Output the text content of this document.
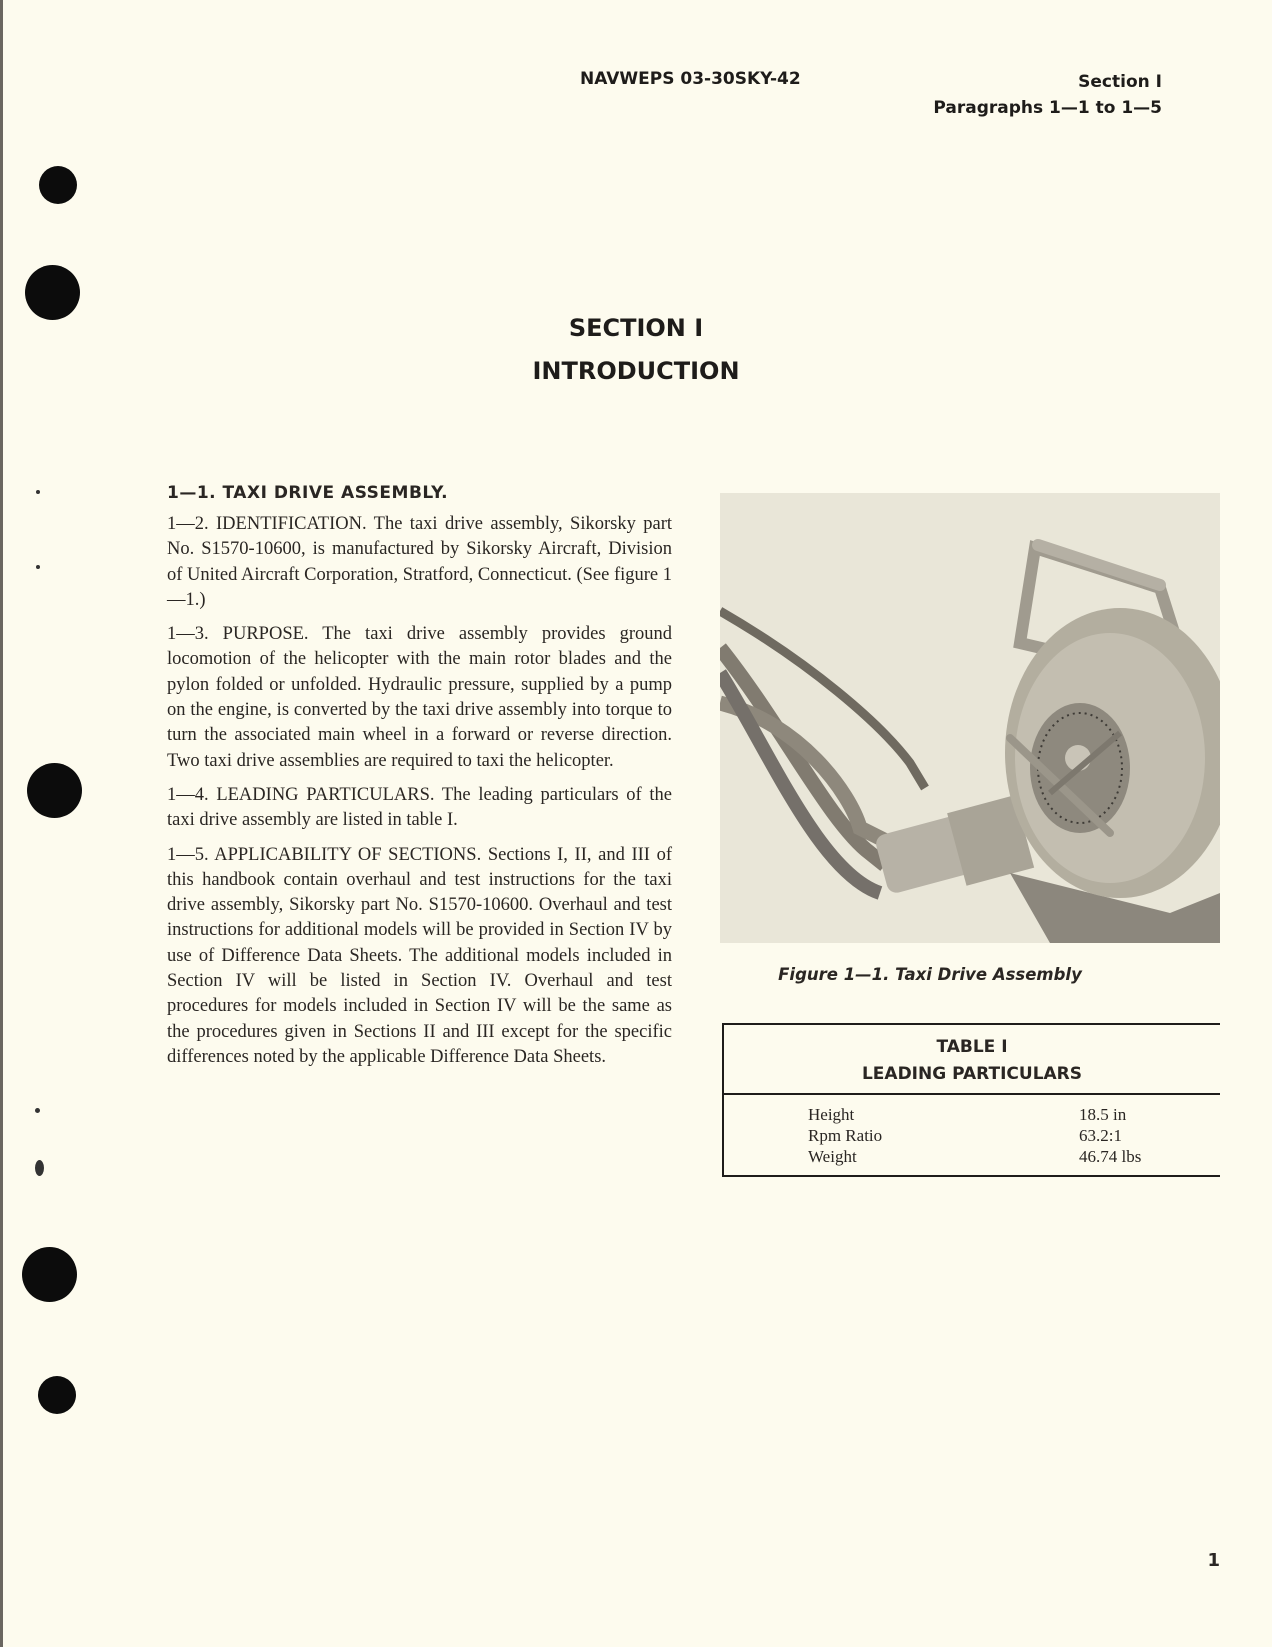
NAVWEPS 03-30SKY-42	Section I
Paragraphs 1—1 to 1—5
SECTION I
INTRODUCTION
1—1. TAXI DRIVE ASSEMBLY.

1—2. IDENTIFICATION. The taxi drive assembly, Sikorsky part No. S1570-10600, is manufactured by Sikorsky Aircraft, Division of United Aircraft Corporation, Stratford, Connecticut. (See figure 1—1.)

1—3. PURPOSE. The taxi drive assembly provides ground locomotion of the helicopter with the main rotor blades and the pylon folded or unfolded. Hydraulic pressure, supplied by a pump on the engine, is converted by the taxi drive assembly into torque to turn the associated main wheel in a forward or reverse direction. Two taxi drive assemblies are required to taxi the helicopter.

1—4. LEADING PARTICULARS. The leading particulars of the taxi drive assembly are listed in table I.

1—5. APPLICABILITY OF SECTIONS. Sections I, II, and III of this handbook contain overhaul and test instructions for the taxi drive assembly, Sikorsky part No. S1570-10600. Overhaul and test instructions for additional models will be provided in Section IV by use of Difference Data Sheets. The additional models included in Section IV will be listed in Section IV. Overhaul and test procedures for models included in Section IV will be the same as the procedures given in Sections II and III except for the specific differences noted by the applicable Difference Data Sheets.

Figure 1—1. Taxi Drive Assembly
TABLE I
LEADING PARTICULARS
Height	18.5 in
Rpm Ratio	63.2:1
Weight	46.74 lbs
1
